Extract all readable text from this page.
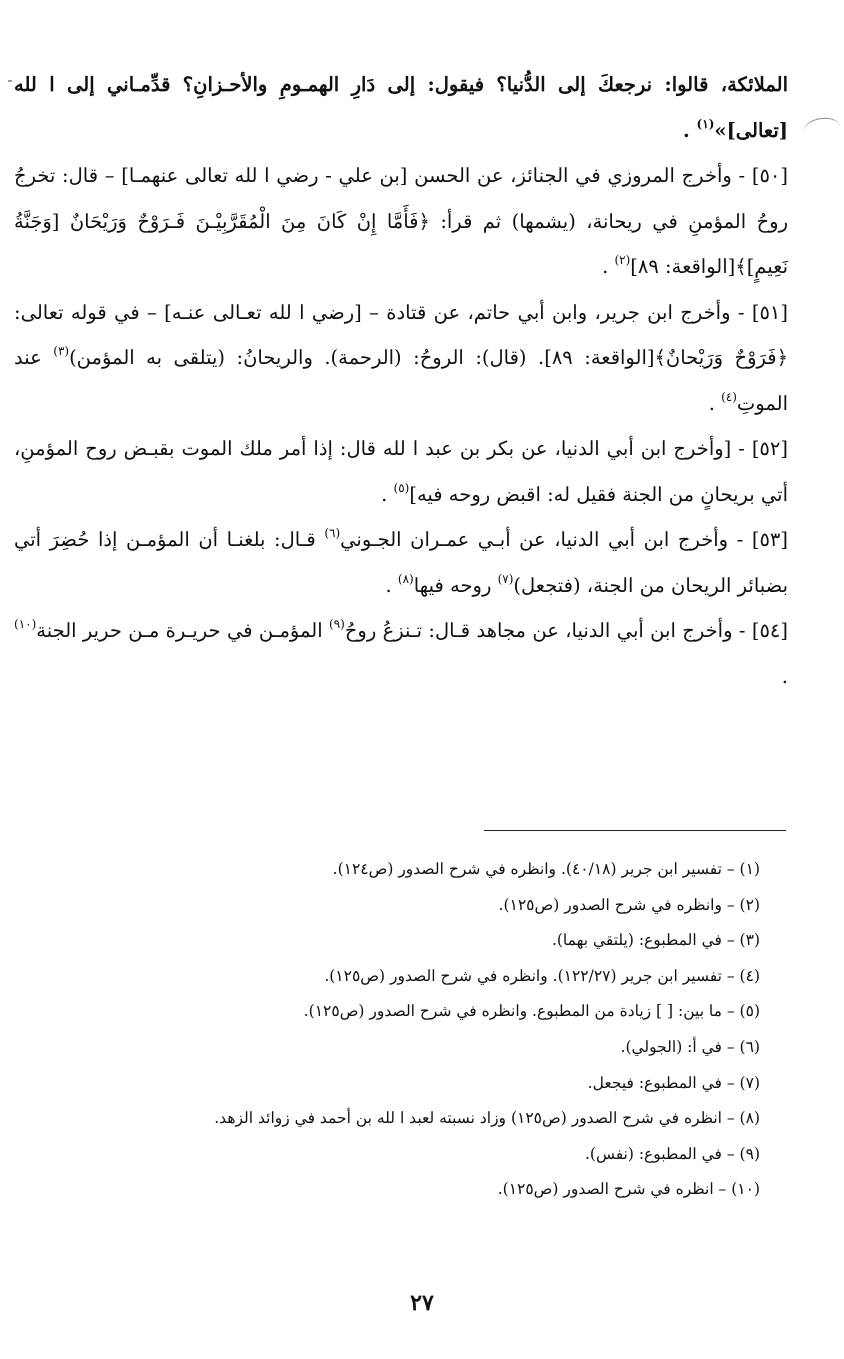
الملائكة، قالوا: نرجعكَ إلى الدُّنيا؟ فيقول: إلى دَارِ الهمـومِ والأحـزانِ؟ قدِّمـاني إلى ا لله [تعالى]»$^{(١)}$ .

[٥٠] - وأخرج المروزي في الجنائز، عن الحسن [بن علي - رضي ا لله تعالى عنهمـا] – قال: تخرجُ روحُ المؤمنِ في ريحانة، (يشمها) ثم قرأ: ﴿فَأَمَّا إِنْ كَانَ مِنَ الْمُقَرَّبِيْـنَ فَـرَوْحٌ وَرَيْحَانٌ [وَجَنَّةُ نَعِيمٍ]﴾[الواقعة: ٨٩]$^{(٢)}$ .

[٥١] - وأخرج ابن جرير، وابن أبي حاتم، عن قتادة – [رضي ا لله تعـالى عنـه] – في قوله تعالى: ﴿فَرَوْحٌ وَرَيْحانٌ﴾[الواقعة: ٨٩]. (قال): الروحُ: (الرحمة). والريحانُ: (يتلقى به المؤمن)$^{(٣)}$ عند الموتِ$^{(٤)}$ .

[٥٢] - [وأخرج ابن أبي الدنيا، عن بكر بن عبد ا لله قال: إذا أمر ملك الموت بقبـض روح المؤمنِ، أتي بريحانٍ من الجنة فقيل له: اقبض روحه فيه]$^{(٥)}$ .

[٥٣] - وأخرج ابن أبي الدنيا، عن أبـي عمـران الجـوني$^{(٦)}$ قـال: بلغنـا أن المؤمـن إذا حُضِرَ أتي بضبائر الريحان من الجنة، (فتجعل)$^{(٧)}$ روحه فيها$^{(٨)}$ .

[٥٤] - وأخرج ابن أبي الدنيا، عن مجاهد قـال: تـنزعُ روحُ$^{(٩)}$ المؤمـن في حريـرة مـن حرير الجنة$^{(١٠)}$ .

(١) – تفسير ابن جرير (٤٠/١٨). وانظره في شرح الصدور (ص١٢٤).

(٢) – وانظره في شرح الصدور (ص١٢٥).

(٣) – في المطبوع: (يلتقي بهما).

(٤) – تفسير ابن جرير (١٢٢/٢٧). وانظره في شرح الصدور (ص١٢٥).

(٥) – ما بين: [ ] زيادة من المطبوع. وانظره في شرح الصدور (ص١٢٥).

(٦) – في أ: (الجولي).

(٧) – في المطبوع: فيجعل.

(٨) – انظره في شرح الصدور (ص١٢٥) وزاد نسبته لعبد ا لله بن أحمد في زوائد الزهد.

(٩) – في المطبوع: (نفس).

(١٠) – انظره في شرح الصدور (ص١٢٥).

٢٧
